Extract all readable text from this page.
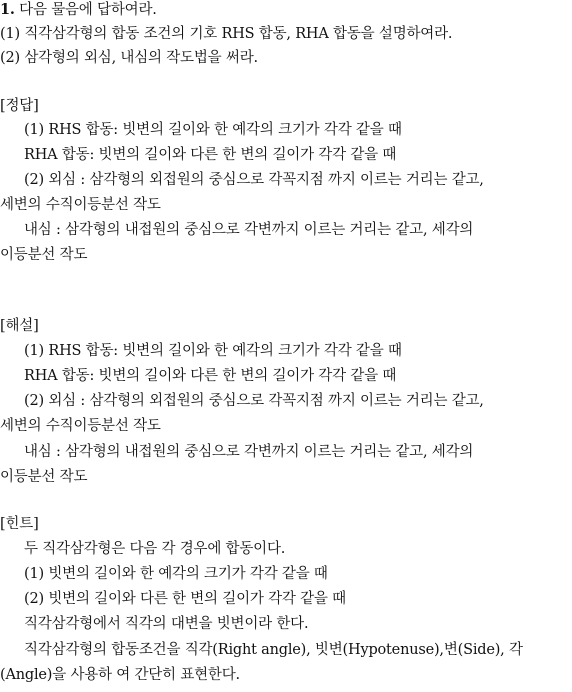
1. 다음 물음에 답하여라.
(1) 직각삼각형의 합동 조건의 기호 RHS 합동, RHA 합동을 설명하여라.
(2) 삼각형의 외심, 내심의 작도법을 써라.
[정답]
(1) RHS 합동: 빗변의 길이와 한 예각의 크기가 각각 같을 때
RHA 합동: 빗변의 길이와 다른 한 변의 길이가 각각 같을 때
(2) 외심 : 삼각형의 외접원의 중심으로 각꼭지점 까지 이르는 거리는 같고,
세변의 수직이등분선 작도
내심 : 삼각형의 내접원의 중심으로 각변까지 이르는 거리는 같고, 세각의
이등분선 작도
[해설]
(1) RHS 합동: 빗변의 길이와 한 예각의 크기가 각각 같을 때
RHA 합동: 빗변의 길이와 다른 한 변의 길이가 각각 같을 때
(2) 외심 : 삼각형의 외접원의 중심으로 각꼭지점 까지 이르는 거리는 같고,
세변의 수직이등분선 작도
내심 : 삼각형의 내접원의 중심으로 각변까지 이르는 거리는 같고, 세각의
이등분선 작도
[힌트]
두 직각삼각형은 다음 각 경우에 합동이다.
(1) 빗변의 길이와 한 예각의 크기가 각각 같을 때
(2) 빗변의 길이와 다른 한 변의 길이가 각각 같을 때
직각삼각형에서 직각의 대변을 빗변이라 한다.
직각삼각형의 합동조건을 직각(Right angle), 빗변(Hypotenuse),변(Side), 각
(Angle)을 사용하 여 간단히 표현한다.
